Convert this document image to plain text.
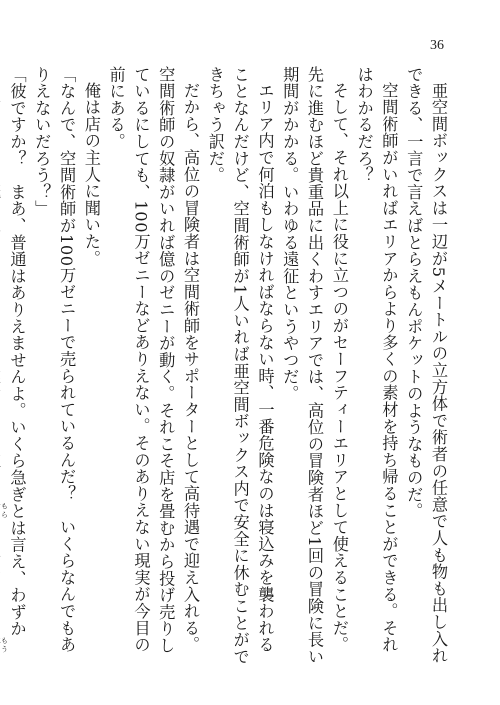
36

亜空間ボックスは一辺が5メートルの立方体で術者の任意で人も物も出し入れできる、一言で言えばとらえもんポケットのようなものだ。

空間術師がいればエリアからより多くの素材を持ち帰ることができる。それはわかるだろ？

そして、それ以上に役に立つのがセーフティーエリアとして使えることだ。先に進むほど貴重品に出くわすエリアでは、高位の冒険者ほど1回の冒険に長い期間がかかる。いわゆる遠征というやつだ。

エリア内で何泊もしなければならない時、一番危険なのは寝込みを襲われることなんだけど、空間術師が1人いれば亜空間ボックス内で安全に休むことができちゃう訳だ。

だから、高位の冒険者は空間術師をサポーターとして高待遇で迎え入れる。空間術師の奴隷がいれば億のゼニーが動く。それこそ店を畳むから投げ売りしているにしても、100万ゼニーなどありえない。そのありえない現実が今目の前にある。

俺は店の主人に聞いた。

「なんで、空間術師が100万ゼニーで売られているんだ？　いくらなんでもありえないだろう？」

「彼ですか？　まあ、普通はありえませんよ。いくら急ぎとは言え、わずか もらもう
